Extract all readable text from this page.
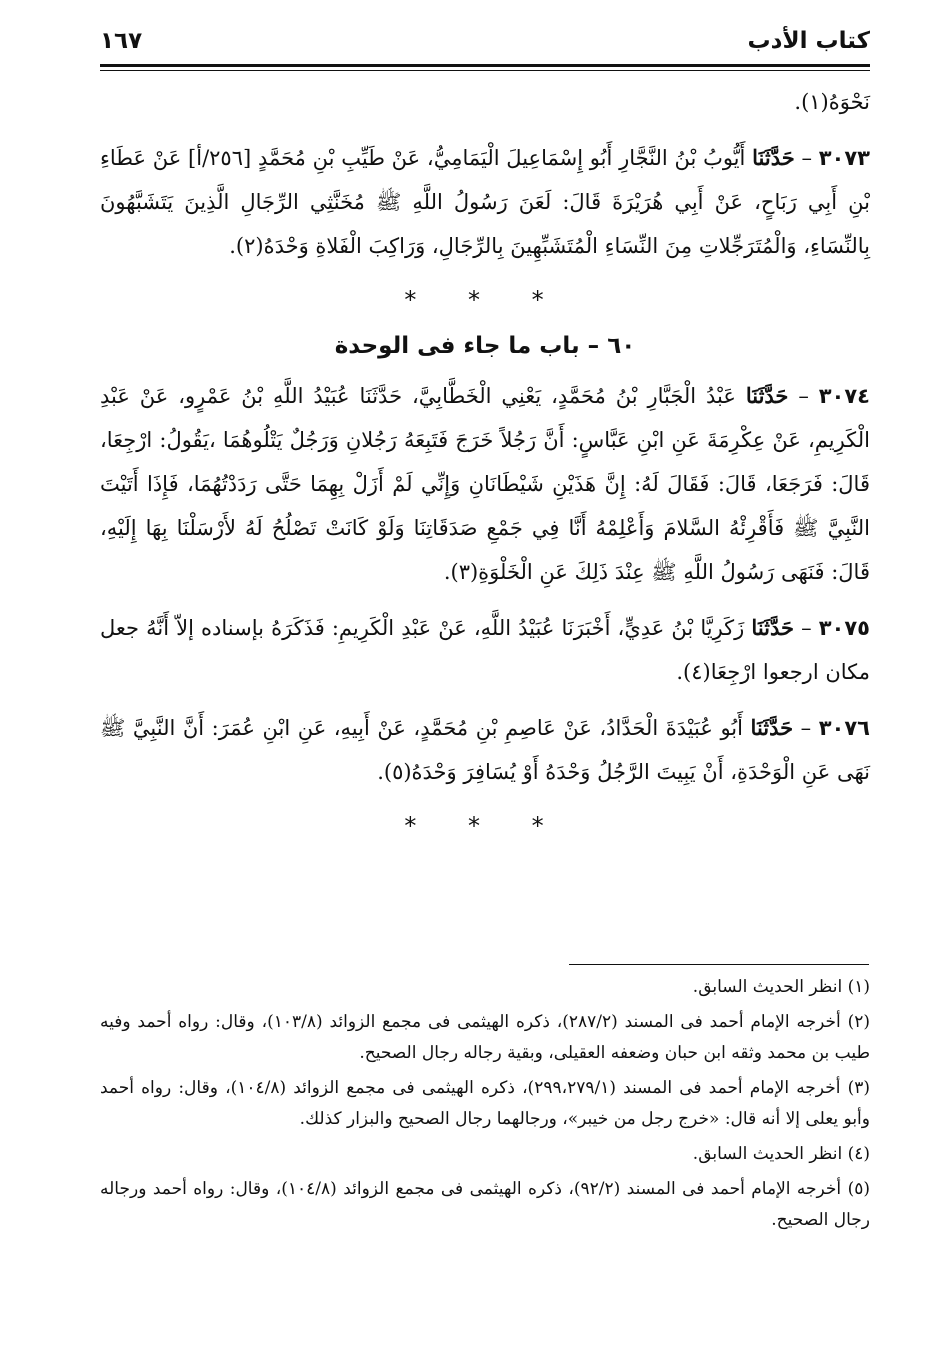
كتاب الأدب
١٦٧

نَحْوَهُ(١).

٣٠٧٣ – حَدَّثَنَا أَيُّوبُ بْنُ النَّجَّارِ أَبُو إِسْمَاعِيلَ الْيَمَامِيُّ، عَنْ طَيِّبِ بْنِ مُحَمَّدٍ [٢٥٦/أ] عَنْ عَطَاءِ بْنِ أَبِي رَبَاحٍ، عَنْ أَبِي هُرَيْرَةَ قَالَ: لَعَنَ رَسُولُ اللَّهِ ﷺ مُخَنَّثِي الرِّجَالِ الَّذِينَ يَتَشَبَّهُونَ بِالنِّسَاءِ، وَالْمُتَرَجِّلاتِ مِنَ النِّسَاءِ الْمُتَشَبِّهِينَ بِالرِّجَالِ، وَرَاكِبَ الْفَلاةِ وَحْدَهُ(٢).

* * *
٦٠ – باب ما جاء فى الوحدة

٣٠٧٤ – حَدَّثَنَا عَبْدُ الْجَبَّارِ بْنُ مُحَمَّدٍ، يَعْنِي الْخَطَّابِيَّ، حَدَّثَنَا عُبَيْدُ اللَّهِ بْنُ عَمْرٍو، عَنْ عَبْدِ الْكَرِيمِ، عَنْ عِكْرِمَةَ عَنِ ابْنِ عَبَّاسٍ: أَنَّ رَجُلاً خَرَجَ فَتَبِعَهُ رَجُلانِ وَرَجُلٌ يَتْلُوهُمَا ،يَقُولُ: ارْجِعَا، قَالَ: فَرَجَعَا، قَالَ: فَقَالَ لَهُ: إِنَّ هَذَيْنِ شَيْطَانَانِ وَإِنِّي لَمْ أَزَلْ بِهِمَا حَتَّى رَدَدْتُهُمَا، فَإِذَا أَتَيْتَ النَّبِيَّ ﷺ فَأَقْرِئْهُ السَّلامَ وَأَعْلِمْهُ أَنَّا فِي جَمْعِ صَدَقَاتِنَا وَلَوْ كَانَتْ تَصْلُحُ لَهُ لأَرْسَلْنَا بِهَا إِلَيْهِ، قَالَ: فَنَهَى رَسُولُ اللَّهِ ﷺ عِنْدَ ذَلِكَ عَنِ الْخَلْوَةِ(٣).

٣٠٧٥ – حَدَّثَنَا زَكَرِيَّا بْنُ عَدِيٍّ، أَخْبَرَنَا عُبَيْدُ اللَّهِ، عَنْ عَبْدِ الْكَرِيمِ: فَذَكَرَهُ بإسناده إلاّ أَنَّهُ جعل مكان ارجعوا ارْجِعَا(٤).

٣٠٧٦ – حَدَّثَنَا أَبُو عُبَيْدَةَ الْحَدَّادُ، عَنْ عَاصِمِ بْنِ مُحَمَّدٍ، عَنْ أَبِيهِ، عَنِ ابْنِ عُمَرَ: أَنَّ النَّبِيَّ ﷺ نَهَى عَنِ الْوَحْدَةِ، أَنْ يَبِيتَ الرَّجُلُ وَحْدَهُ أَوْ يُسَافِرَ وَحْدَهُ(٥).

* * *

(١) انظر الحديث السابق.

(٢) أخرجه الإمام أحمد فى المسند (٢٨٧/٢)، ذكره الهيثمى فى مجمع الزوائد (١٠٣/٨)، وقال: رواه أحمد وفيه طيب بن محمد وثقه ابن حبان وضعفه العقيلى، وبقية رجاله رجال الصحيح.

(٣) أخرجه الإمام أحمد فى المسند (٢٩٩،٢٧٩/١)، ذكره الهيثمى فى مجمع الزوائد (١٠٤/٨)، وقال: رواه أحمد وأبو يعلى إلا أنه قال: «خرج رجل من خيبر»، ورجالهما رجال الصحيح والبزار كذلك.

(٤) انظر الحديث السابق.

(٥) أخرجه الإمام أحمد فى المسند (٩٢/٢)، ذكره الهيثمى فى مجمع الزوائد (١٠٤/٨)، وقال: رواه أحمد ورجاله رجال الصحيح.
